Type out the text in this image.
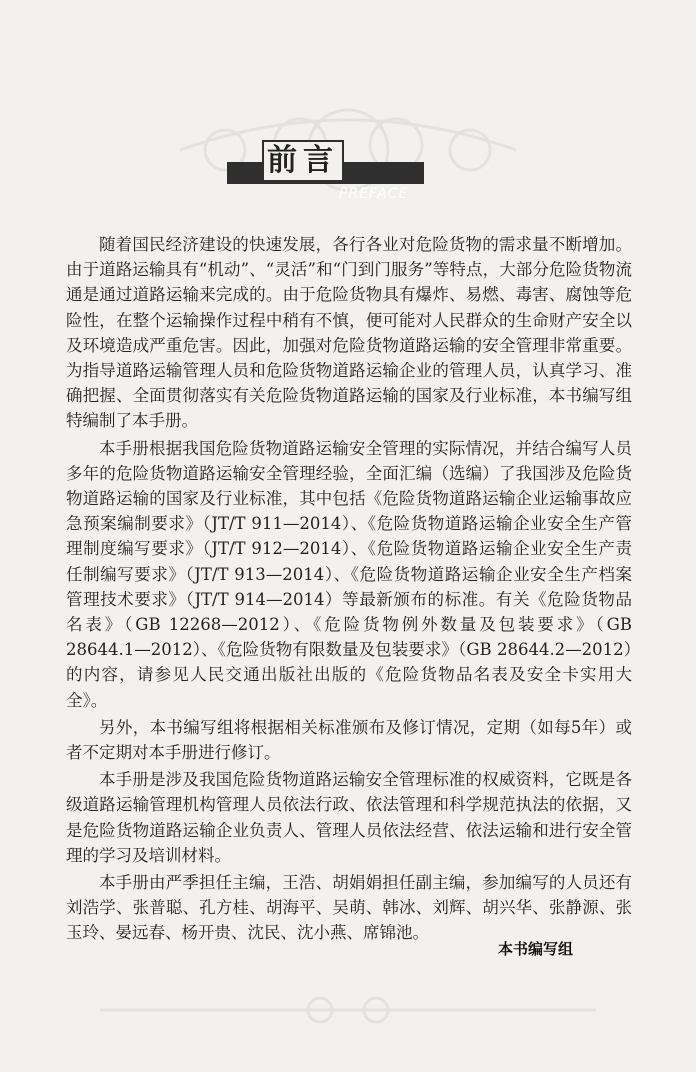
PREFACE
前言

随着国民经济建设的快速发展，各行各业对危险货物的需求量不断增加。由于道路运输具有“机动”、“灵活”和“门到门服务”等特点，大部分危险货物流通是通过道路运输来完成的。由于危险货物具有爆炸、易燃、毒害、腐蚀等危险性，在整个运输操作过程中稍有不慎，便可能对人民群众的生命财产安全以及环境造成严重危害。因此，加强对危险货物道路运输的安全管理非常重要。为指导道路运输管理人员和危险货物道路运输企业的管理人员，认真学习、准确把握、全面贯彻落实有关危险货物道路运输的国家及行业标准，本书编写组特编制了本手册。

本手册根据我国危险货物道路运输安全管理的实际情况，并结合编写人员多年的危险货物道路运输安全管理经验，全面汇编（选编）了我国涉及危险货物道路运输的国家及行业标准，其中包括《危险货物道路运输企业运输事故应急预案编制要求》（JT/T 911—2014）、《危险货物道路运输企业安全生产管理制度编写要求》（JT/T 912—2014）、《危险货物道路运输企业安全生产责任制编写要求》（JT/T 913—2014）、《危险货物道路运输企业安全生产档案管理技术要求》（JT/T 914—2014）等最新颁布的标准。有关《危险货物品名表》（GB 12268—2012）、《危险货物例外数量及包装要求》（GB 28644.1—2012）、《危险货物有限数量及包装要求》（GB 28644.2—2012）的内容，请参见人民交通出版社出版的《危险货物品名表及安全卡实用大全》。

另外，本书编写组将根据相关标准颁布及修订情况，定期（如每5年）或者不定期对本手册进行修订。

本手册是涉及我国危险货物道路运输安全管理标准的权威资料，它既是各级道路运输管理机构管理人员依法行政、依法管理和科学规范执法的依据，又是危险货物道路运输企业负责人、管理人员依法经营、依法运输和进行安全管理的学习及培训材料。

本手册由严季担任主编，王浩、胡娟娟担任副主编，参加编写的人员还有刘浩学、张普聪、孔方桂、胡海平、吴萌、韩冰、刘辉、胡兴华、张静源、张玉玲、晏远春、杨开贵、沈民、沈小燕、席锦池。

本书编写组
